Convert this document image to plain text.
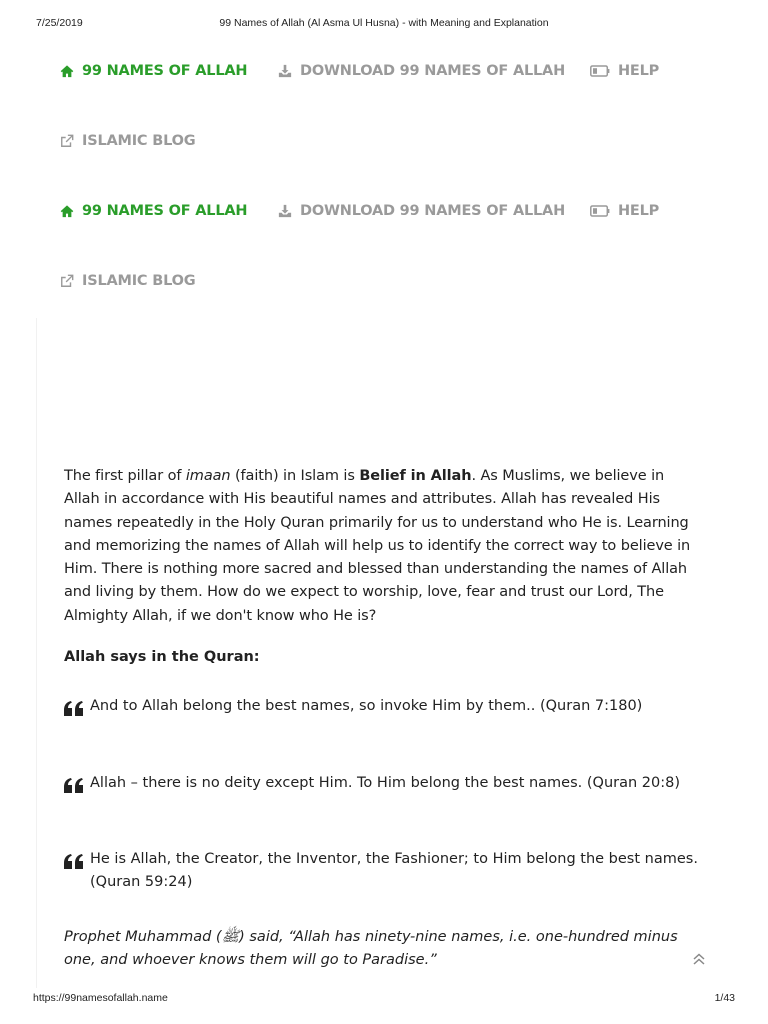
7/25/2019	99 Names of Allah (Al Asma Ul Husna) - with Meaning and Explanation
99 NAMES OF ALLAH	DOWNLOAD 99 NAMES OF ALLAH	HELP
ISLAMIC BLOG
99 NAMES OF ALLAH	DOWNLOAD 99 NAMES OF ALLAH	HELP
ISLAMIC BLOG

The first pillar of imaan (faith) in Islam is Belief in Allah. As Muslims, we believe in Allah in accordance with His beautiful names and attributes. Allah has revealed His names repeatedly in the Holy Quran primarily for us to understand who He is. Learning and memorizing the names of Allah will help us to identify the correct way to believe in Him. There is nothing more sacred and blessed than understanding the names of Allah and living by them. How do we expect to worship, love, fear and trust our Lord, The Almighty Allah, if we don't know who He is?

Allah says in the Quran:
And to Allah belong the best names, so invoke Him by them.. (Quran 7:180)
Allah – there is no deity except Him. To Him belong the best names. (Quran 20:8)
He is Allah, the Creator, the Inventor, the Fashioner; to Him belong the best names. (Quran 59:24)
Prophet Muhammad (ﷺ) said, “Allah has ninety-nine names, i.e. one-hundred minus one, and whoever knows them will go to Paradise.”
https://99namesofallah.name	1/43
